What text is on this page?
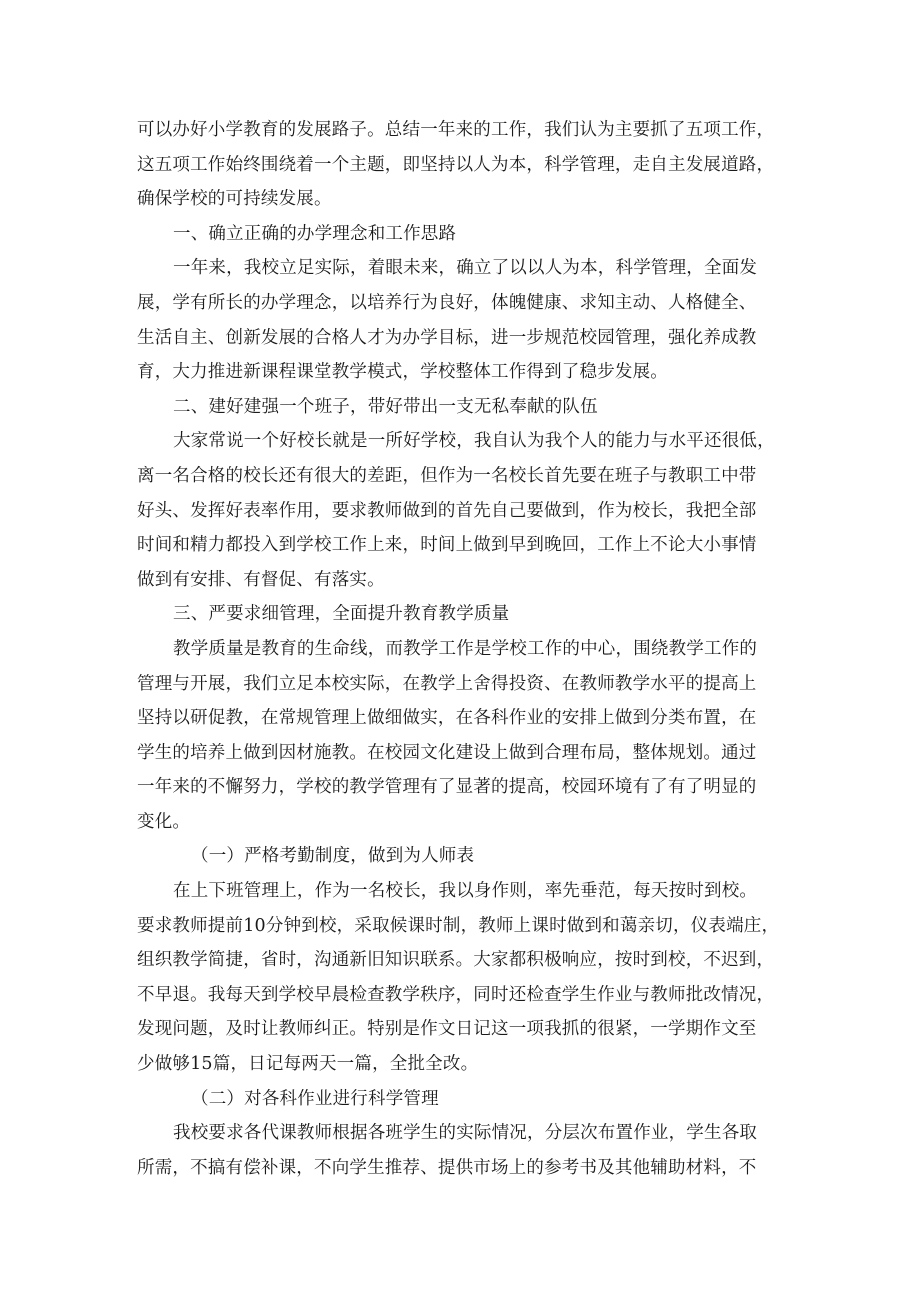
可以办好小学教育的发展路子。总结一年来的工作，我们认为主要抓了五项工作，
这五项工作始终围绕着一个主题，即坚持以人为本，科学管理，走自主发展道路，
确保学校的可持续发展。
一、确立正确的办学理念和工作思路
一年来，我校立足实际，着眼未来，确立了以以人为本，科学管理，全面发
展，学有所长的办学理念，以培养行为良好，体魄健康、求知主动、人格健全、
生活自主、创新发展的合格人才为办学目标，进一步规范校园管理，强化养成教
育，大力推进新课程课堂教学模式，学校整体工作得到了稳步发展。
二、建好建强一个班子，带好带出一支无私奉献的队伍
大家常说一个好校长就是一所好学校，我自认为我个人的能力与水平还很低，
离一名合格的校长还有很大的差距，但作为一名校长首先要在班子与教职工中带
好头、发挥好表率作用，要求教师做到的首先自己要做到，作为校长，我把全部
时间和精力都投入到学校工作上来，时间上做到早到晚回，工作上不论大小事情
做到有安排、有督促、有落实。
三、严要求细管理，全面提升教育教学质量
教学质量是教育的生命线，而教学工作是学校工作的中心，围绕教学工作的
管理与开展，我们立足本校实际，在教学上舍得投资、在教师教学水平的提高上
坚持以研促教，在常规管理上做细做实，在各科作业的安排上做到分类布置，在
学生的培养上做到因材施教。在校园文化建设上做到合理布局，整体规划。通过
一年来的不懈努力，学校的教学管理有了显著的提高，校园环境有了有了明显的
变化。
（一）严格考勤制度，做到为人师表
在上下班管理上，作为一名校长，我以身作则，率先垂范，每天按时到校。
要求教师提前10分钟到校，采取候课时制，教师上课时做到和蔼亲切，仪表端庄，
组织教学简捷，省时，沟通新旧知识联系。大家都积极响应，按时到校，不迟到，
不早退。我每天到学校早晨检查教学秩序，同时还检查学生作业与教师批改情况，
发现问题，及时让教师纠正。特别是作文日记这一项我抓的很紧，一学期作文至
少做够15篇，日记每两天一篇，全批全改。
（二）对各科作业进行科学管理
我校要求各代课教师根据各班学生的实际情况，分层次布置作业，学生各取
所需，不搞有偿补课，不向学生推荐、提供市场上的参考书及其他辅助材料，不
